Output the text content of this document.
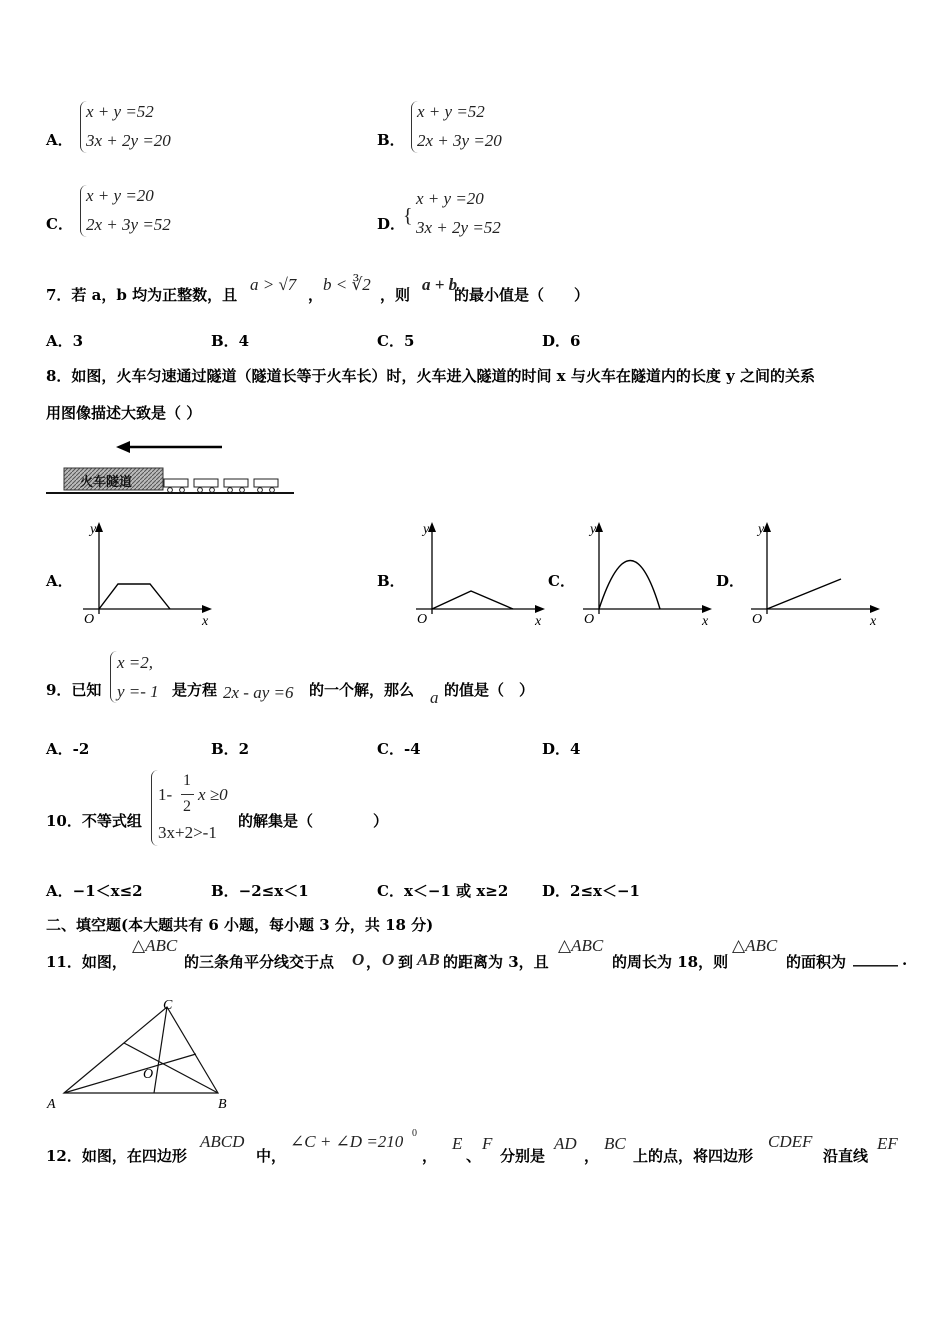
A．
x + y =52
3x + 2y =20	B．
x + y =52
2x + 3y =20
C．
x + y =20
2x + 3y =52	D．
{
x + y =20
3x + 2y =52
7．若 a，b 均为正整数，且
a > √7
，
b < ∛2
，则
a + b
的最小值是（　　）
A．3	B．4	C．5	D．6
8．如图，火车匀速通过隧道（隧道长等于火车长）时，火车进入隧道的时间 x 与火车在隧道内的长度 y 之间的关系
用图像描述大致是（ ）
火车隧道
A．
y
O	x
B．
y
O	x
C．
y
O	x
D．
y
O	x
9．已知
x =2,
y =- 1 是方程 2x - ay =6 的一个解，那么 a 的值是（　）
A．-2	B．2	C．-4	D．4
10．不等式组
1-
1
2
x ≥0
3x+2>-1
的解集是（　　　　）
A．−1＜x≤2	B．−2≤x＜1	C．x＜−1 或 x≥2 D．2≤x＜−1
二、填空题(本大题共有 6 小题，每小题 3 分，共 18 分)
11．如图，
△ABC
的三条角平分线交于点 O ， O 到 AB 的距离为 3，且
△ABC
的周长为 18，则
△ABC
的面积为 ______ .
A	B
C
O
12．如图，在四边形
ABCD
中，
∠C + ∠D =210 0
，
E
、
F
分别是
AD
，
BC
上的点，将四边形
CDEF
沿直线
EF
